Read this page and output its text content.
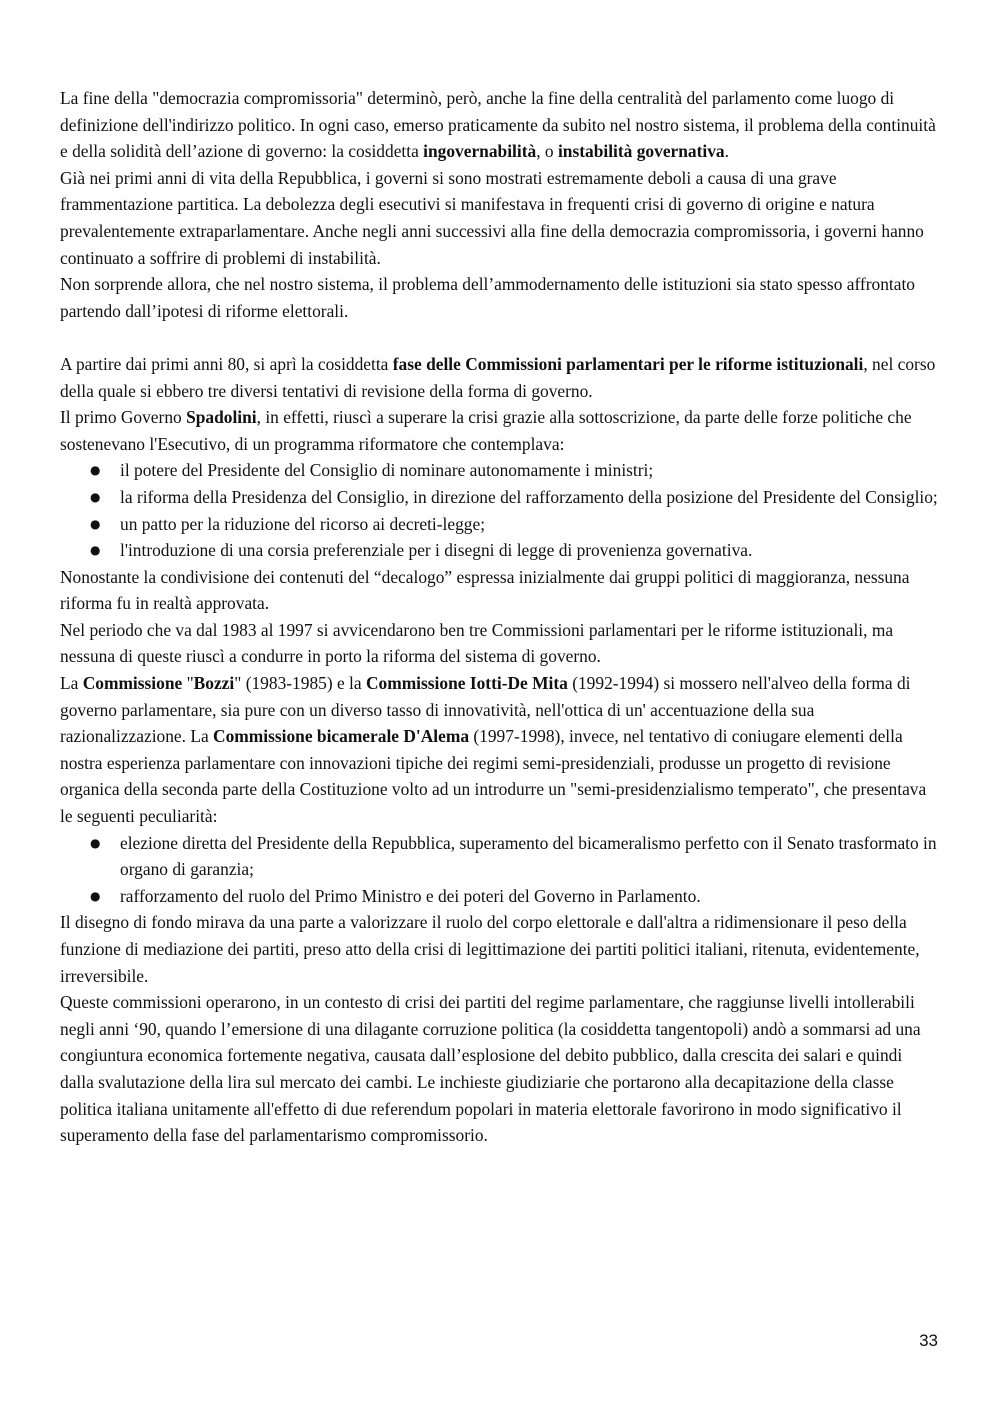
La fine della "democrazia compromissoria" determinò, però, anche la fine della centralità del parlamento come luogo di definizione dell'indirizzo politico. In ogni caso, emerso praticamente da subito nel nostro sistema, il problema della continuità e della solidità dell’azione di governo: la cosiddetta ingovernabilità, o instabilità governativa.

Già nei primi anni di vita della Repubblica, i governi si sono mostrati estremamente deboli a causa di una grave frammentazione partitica. La debolezza degli esecutivi si manifestava in frequenti crisi di governo di origine e natura prevalentemente extraparlamentare. Anche negli anni successivi alla fine della democrazia compromissoria, i governi hanno continuato a soffrire di problemi di instabilità.

Non sorprende allora, che nel nostro sistema, il problema dell’ammodernamento delle istituzioni sia stato spesso affrontato partendo dall’ipotesi di riforme elettorali.

A partire dai primi anni 80, si aprì la cosiddetta fase delle Commissioni parlamentari per le riforme istituzionali, nel corso della quale si ebbero tre diversi tentativi di revisione della forma di governo.

Il primo Governo Spadolini, in effetti, riuscì a superare la crisi grazie alla sottoscrizione, da parte delle forze politiche che sostenevano l'Esecutivo, di un programma riformatore che contemplava:

● il potere del Presidente del Consiglio di nominare autonomamente i ministri;
● la riforma della Presidenza del Consiglio, in direzione del rafforzamento della posizione del Presidente del Consiglio;
● un patto per la riduzione del ricorso ai decreti-legge;
● l'introduzione di una corsia preferenziale per i disegni di legge di provenienza governativa.

Nonostante la condivisione dei contenuti del “decalogo” espressa inizialmente dai gruppi politici di maggioranza, nessuna riforma fu in realtà approvata.

Nel periodo che va dal 1983 al 1997 si avvicendarono ben tre Commissioni parlamentari per le riforme istituzionali, ma nessuna di queste riuscì a condurre in porto la riforma del sistema di governo.

La Commissione "Bozzi" (1983-1985) e la Commissione Iotti-De Mita (1992-1994) si mossero nell'alveo della forma di governo parlamentare, sia pure con un diverso tasso di innovatività, nell'ottica di un' accentuazione della sua razionalizzazione. La Commissione bicamerale D'Alema (1997-1998), invece, nel tentativo di coniugare elementi della nostra esperienza parlamentare con innovazioni tipiche dei regimi semi-presidenziali, produsse un progetto di revisione organica della seconda parte della Costituzione volto ad un introdurre un "semi-presidenzialismo temperato", che presentava le seguenti peculiarità:

● elezione diretta del Presidente della Repubblica, superamento del bicameralismo perfetto con il Senato trasformato in organo di garanzia;
● rafforzamento del ruolo del Primo Ministro e dei poteri del Governo in Parlamento.

Il disegno di fondo mirava da una parte a valorizzare il ruolo del corpo elettorale e dall'altra a ridimensionare il peso della funzione di mediazione dei partiti, preso atto della crisi di legittimazione dei partiti politici italiani, ritenuta, evidentemente, irreversibile.

Queste commissioni operarono, in un contesto di crisi dei partiti del regime parlamentare, che raggiunse livelli intollerabili negli anni ‘90, quando l’emersione di una dilagante corruzione politica (la cosiddetta tangentopoli) andò a sommarsi ad una congiuntura economica fortemente negativa, causata dall’esplosione del debito pubblico, dalla crescita dei salari e quindi dalla svalutazione della lira sul mercato dei cambi. Le inchieste giudiziarie che portarono alla decapitazione della classe politica italiana unitamente all'effetto di due referendum popolari in materia elettorale favorirono in modo significativo il superamento della fase del parlamentarismo compromissorio.

33
